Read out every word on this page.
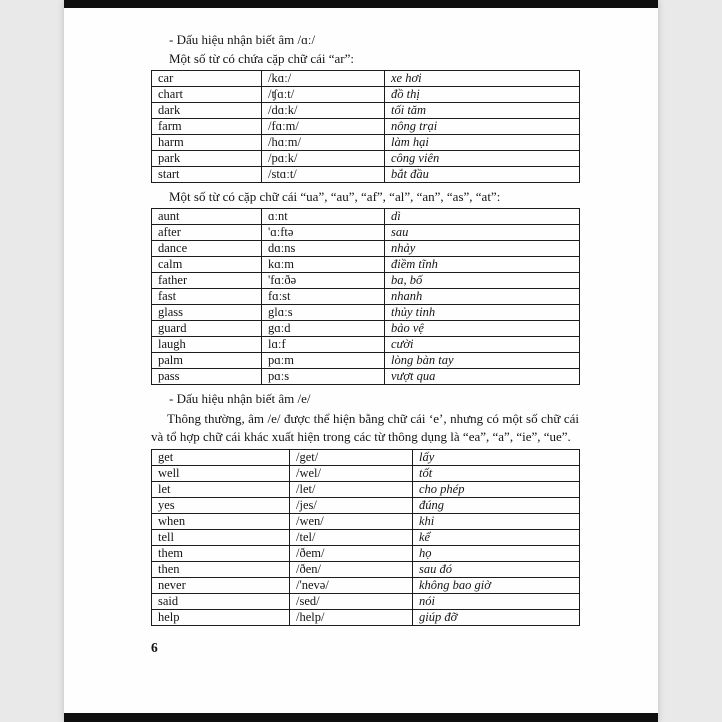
- Dấu hiệu nhận biết âm /ɑː/

Một số từ có chứa cặp chữ cái “ar”:

car	/kɑː/	xe hơi
chart	/ʧɑːt/	đồ thị
dark	/dɑːk/	tối tăm
farm	/fɑːm/	nông trại
harm	/hɑːm/	làm hại
park	/pɑːk/	công viên
start	/stɑːt/	bắt đầu

Một số từ có cặp chữ cái “ua”, “au”, “af”, “al”, “an”, “as”, “at”:

aunt	ɑːnt	dì
after	'ɑːftə	sau
dance	dɑːns	nhảy
calm	kɑːm	điềm tĩnh
father	'fɑːðə	ba, bố
fast	fɑːst	nhanh
glass	glɑːs	thủy tinh
guard	gɑːd	bảo vệ
laugh	lɑːf	cười
palm	pɑːm	lòng bàn tay
pass	pɑːs	vượt qua

- Dấu hiệu nhận biết âm /e/

Thông thường, âm /e/ được thể hiện bằng chữ cái ‘e’, nhưng có một số chữ cái và tổ hợp chữ cái khác xuất hiện trong các từ thông dụng là “ea”, “a”, “ie”, “ue”.

get	/get/	lấy
well	/wel/	tốt
let	/let/	cho phép
yes	/jes/	đúng
when	/wen/	khi
tell	/tel/	kể
them	/ðem/	họ
then	/ðen/	sau đó
never	/'nevə/	không bao giờ
said	/sed/	nói
help	/help/	giúp đỡ

6
